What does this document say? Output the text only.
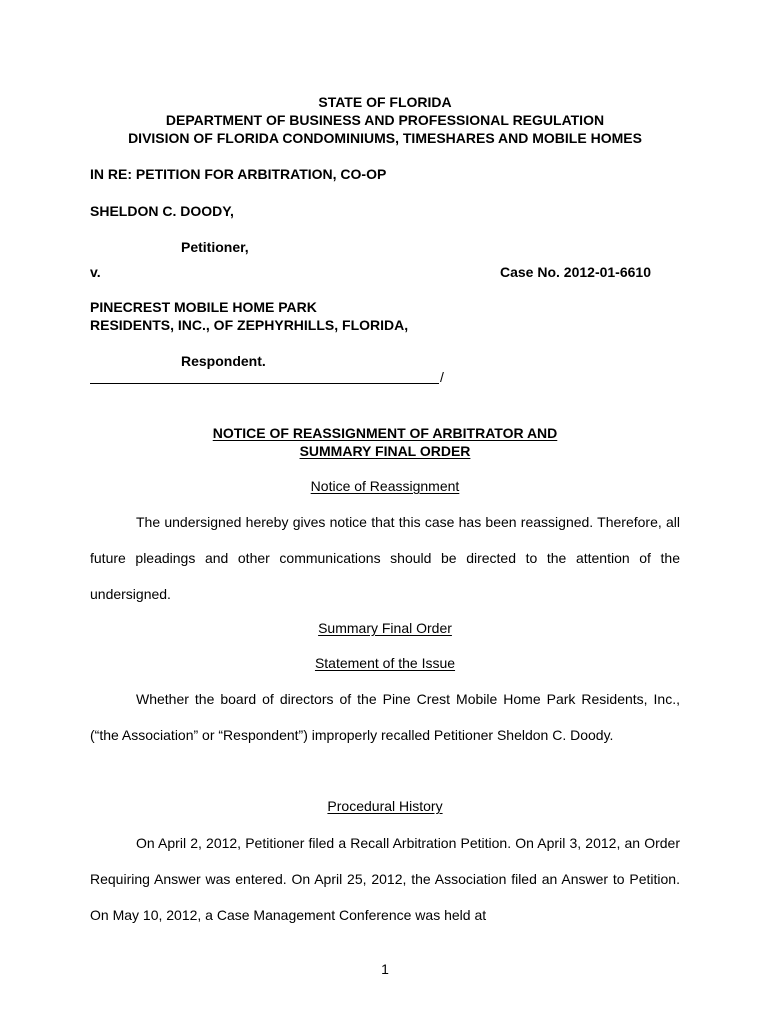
STATE OF FLORIDA
DEPARTMENT OF BUSINESS AND PROFESSIONAL REGULATION
DIVISION OF FLORIDA CONDOMINIUMS, TIMESHARES AND MOBILE HOMES
IN RE: PETITION FOR ARBITRATION, CO-OP
SHELDON C. DOODY,
Petitioner,
v.	Case No. 2012-01-6610
PINECREST MOBILE HOME PARK
RESIDENTS, INC., OF ZEPHYRHILLS, FLORIDA,
Respondent.
/
NOTICE OF REASSIGNMENT OF ARBITRATOR AND
SUMMARY FINAL ORDER
Notice of Reassignment
The undersigned hereby gives notice that this case has been reassigned. Therefore, all future pleadings and other communications should be directed to the attention of the undersigned.
Summary Final Order
Statement of the Issue
Whether the board of directors of the Pine Crest Mobile Home Park Residents, Inc., (“the Association” or “Respondent”) improperly recalled Petitioner Sheldon C. Doody.
Procedural History
On April 2, 2012, Petitioner filed a Recall Arbitration Petition. On April 3, 2012, an Order Requiring Answer was entered. On April 25, 2012, the Association filed an Answer to Petition. On May 10, 2012, a Case Management Conference was held at
1
